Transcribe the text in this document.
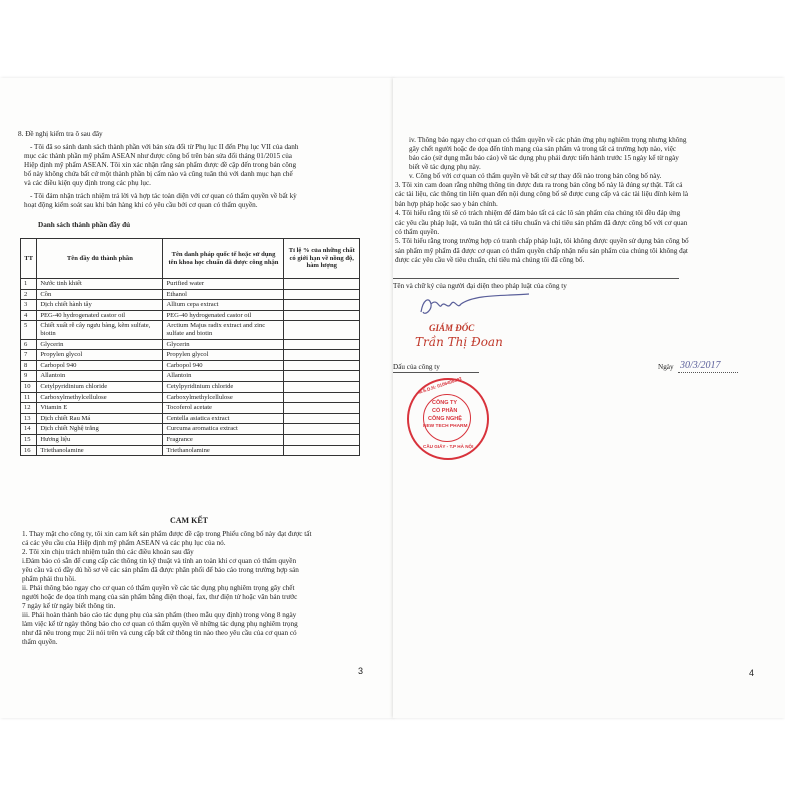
8. Đề nghị kiểm tra ô sau đây
- Tôi đã so sánh danh sách thành phần với bản sửa đổi từ Phụ lục II đến Phụ lục VII của danh
mục các thành phần mỹ phẩm ASEAN như được công bố trên bản sửa đổi tháng 01/2015 của
Hiệp định mỹ phẩm ASEAN. Tôi xin xác nhận rằng sản phẩm được đề cập đến trong bản công
bố này không chứa bất cứ một thành phần bị cấm nào và cũng tuân thủ với danh mục hạn chế
và các điều kiện quy định trong các phụ lục.
- Tôi đảm nhận trách nhiệm trả lời và hợp tác toàn diện với cơ quan có thẩm quyền về bất kỳ
hoạt động kiểm soát sau khi bán hàng khi có yêu cầu bởi cơ quan có thẩm quyền.
Danh sách thành phần đầy đủ
TT	Tên đầy đủ thành phần	Tên danh pháp quốc tế hoặc sử dụng tên khoa học chuẩn đã được công nhận	Tỉ lệ % của những chất có giới hạn về nồng độ, hàm lượng
1	Nước tinh khiết	Purified water	
2	Cồn	Ethanol	
3	Dịch chiết hành tây	Allium cepa extract	
4	PEG-40 hydrogenated castor oil	PEG-40 hydrogenated castor oil	
5	Chiết xuất rễ cây ngưu bàng, kẽm sulfate, biotin	Arctium Majus radix extract and zinc sulfate and biotin	
6	Glycerin	Glycerin	
7	Propylen glycol	Propylen glycol	
8	Carbopol 940	Carbopol 940	
9	Allantoin	Allantoin	
10	Cetylpyridinium chloride	Cetylpyridinium chloride	
11	Carboxylmethylcellulose	Carboxylmethylcellulose	
12	Vitamin E	Tocoferol acetate	
13	Dịch chiết Rau Má	Centella asiatica extract	
14	Dịch chiết Nghệ trắng	Curcuma aromatica extract	
15	Hương liệu	Fragrance	
16	Triethanolamine	Triethanolamine	
CAM KẾT
1. Thay mặt cho công ty, tôi xin cam kết sản phẩm được đề cập trong Phiếu công bố này đạt được tất
cả các yêu cầu của Hiệp định mỹ phẩm ASEAN và các phụ lục của nó.
2. Tôi xin chịu trách nhiệm tuân thủ các điều khoản sau đây
i.Đảm bảo có sẵn để cung cấp các thông tin kỹ thuật và tính an toàn khi cơ quan có thẩm quyền
yêu cầu và có đầy đủ hồ sơ về các sản phẩm đã được phân phối để báo cáo trong trường hợp sản
phẩm phải thu hồi.
ii. Phải thông báo ngay cho cơ quan có thẩm quyền về các tác dụng phụ nghiêm trọng gây chết
người hoặc đe dọa tính mạng của sản phẩm bằng điện thoại, fax, thư điện tử hoặc văn bản trước
7 ngày kể từ ngày biết thông tin.
iii. Phải hoàn thành báo cáo tác dụng phụ của sản phẩm (theo mẫu quy định) trong vòng 8 ngày
làm việc kể từ ngày thông báo cho cơ quan có thẩm quyền về những tác dụng phụ nghiêm trọng
như đã nêu trong mục 2ii nói trên và cung cấp bất cứ thông tin nào theo yêu cầu của cơ quan có
thẩm quyền.
3
iv. Thông báo ngay cho cơ quan có thẩm quyền về các phản ứng phụ nghiêm trọng nhưng không
gây chết người hoặc đe dọa đến tính mạng của sản phẩm và trong tất cả trường hợp nào, việc
báo cáo (sử dụng mẫu báo cáo) về tác dụng phụ phải được tiến hành trước 15 ngày kể từ ngày
biết về tác dụng phụ này.
v. Công bố với cơ quan có thẩm quyền về bất cứ sự thay đổi nào trong bản công bố này.
3. Tôi xin cam đoan rằng những thông tin được đưa ra trong bản công bố này là đúng sự thật. Tất cả
các tài liệu, các thông tin liên quan đến nội dung công bố sẽ được cung cấp và các tài liệu đính kèm là
bản hợp pháp hoặc sao y bản chính.
4. Tôi hiểu rằng tôi sẽ có trách nhiệm để đảm bảo tất cả các lô sản phẩm của chúng tôi đều đáp ứng
các yêu cầu pháp luật, và tuân thủ tất cả tiêu chuẩn và chỉ tiêu sản phẩm đã được công bố với cơ quan
có thẩm quyền.
5. Tôi hiểu rằng trong trường hợp có tranh chấp pháp luật, tôi không được quyền sử dụng bản công bố
sản phẩm mỹ phẩm đã được cơ quan có thẩm quyền chấp nhận nếu sản phẩm của chúng tôi không đạt
được các yêu cầu về tiêu chuẩn, chỉ tiêu mà chúng tôi đã công bố.
Tên và chữ ký của người đại diện theo pháp luật của công ty
GIÁM ĐỐC
Trần Thị Đoan
Dấu của công ty	Ngày 30/3/2017
M.S.D.N: 0106408392
CÔNG TY
CỔ PHẦN
CÔNG NGHỆ
NEW TECH PHARM
CẦU GIẤY - T.P HÀ NỘI
4
